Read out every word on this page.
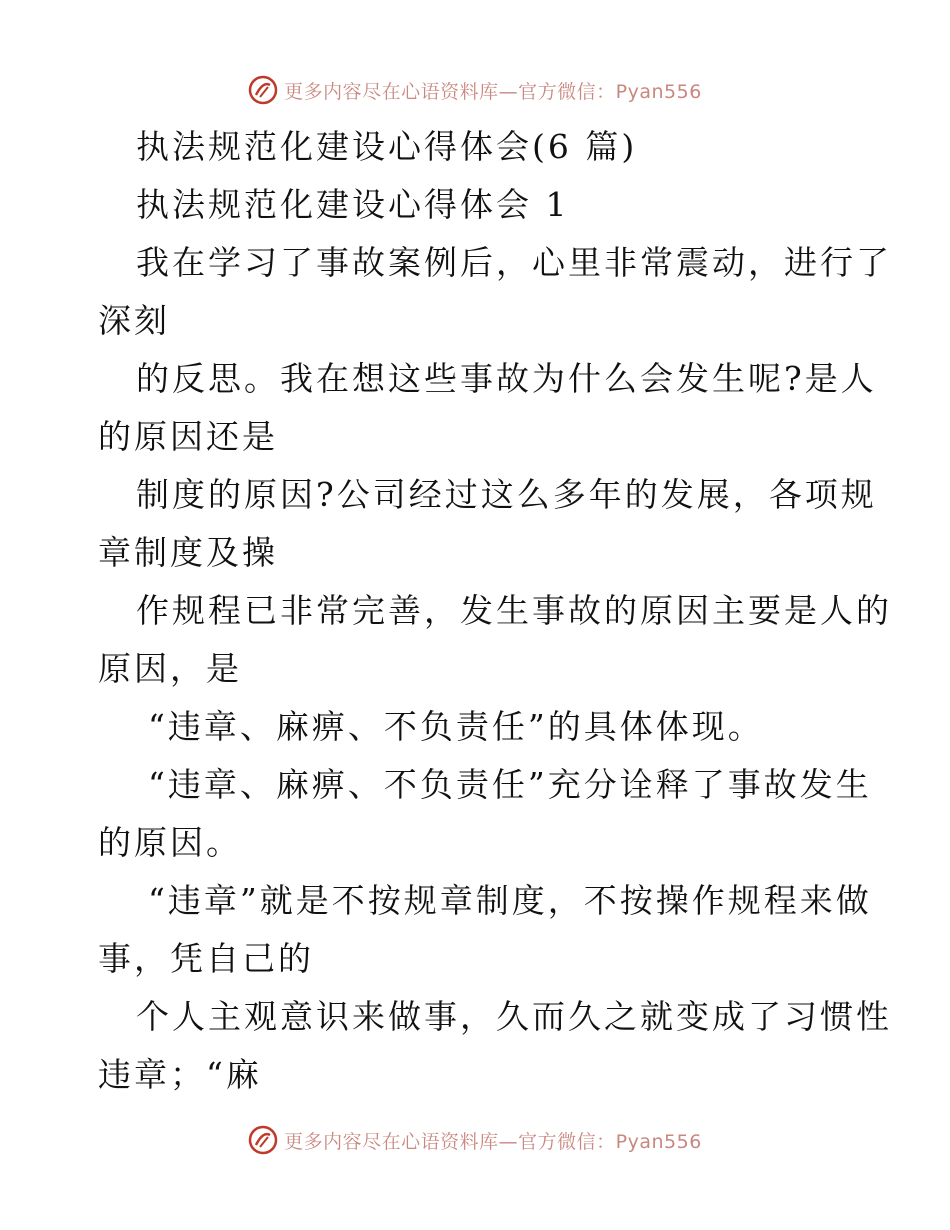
更多内容尽在心语资料库—官方微信：Pyan556
执法规范化建设心得体会(6 篇)
执法规范化建设心得体会 1
我在学习了事故案例后，心里非常震动，进行了
深刻
的反思。我在想这些事故为什么会发生呢?是人
的原因还是
制度的原因?公司经过这么多年的发展，各项规
章制度及操
作规程已非常完善，发生事故的原因主要是人的
原因，是
“违章、麻痹、不负责任”的具体体现。
“违章、麻痹、不负责任”充分诠释了事故发生
的原因。
“违章”就是不按规章制度，不按操作规程来做
事，凭自己的
个人主观意识来做事，久而久之就变成了习惯性
违章；“麻
更多内容尽在心语资料库—官方微信：Pyan556
